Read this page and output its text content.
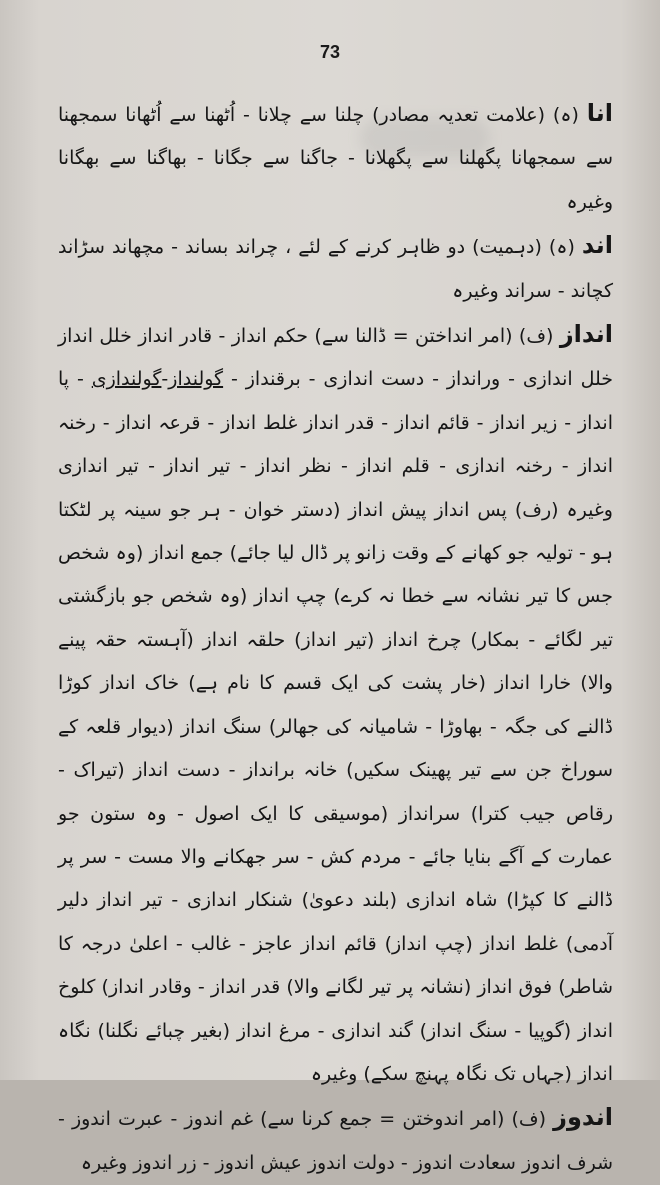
73

انا (ہ) (علامت تعدیہ مصادر) چلنا سے چلانا - اُٹھنا سے اُٹھانا سمجھنا سے سمجھانا پگھلنا سے پگھلانا - جاگنا سے جگانا - بھاگنا سے بھگانا وغیرہ

اند (ہ) (دہمیت) دو ظاہر کرنے کے لئے ، چراند بساند - مچھاند سڑاند کچاند - سراند وغیرہ

انداز (ف) (امر انداختن = ڈالنا سے) حکم انداز - قادر انداز خلل انداز خلل اندازی - ورانداز - دست اندازی - برقنداز - گولنداز-گولندازی - پا انداز - زیر انداز - قائم انداز - قدر انداز غلط انداز - قرعہ انداز - رخنہ انداز - رخنہ اندازی - قلم انداز - نظر انداز - تیر انداز - تیر اندازی وغیرہ (رف) پس انداز پیش انداز (دستر خوان - ہر جو سینہ پر لٹکتا ہو - تولیہ جو کھانے کے وقت زانو پر ڈال لیا جائے) جمع انداز (وہ شخص جس کا تیر نشانہ سے خطا نہ کرے) چپ انداز (وہ شخص جو بازگشتی تیر لگائے - بمکار) چرخ انداز (تیر انداز) حلقہ انداز (آہستہ حقہ پینے والا) خارا انداز (خار پشت کی ایک قسم کا نام ہے) خاک انداز کوڑا ڈالنے کی جگہ - بھاوڑا - شامیانہ کی جھالر) سنگ انداز (دیوار قلعہ کے سوراخ جن سے تیر پھینک سکیں) خانہ برانداز - دست انداز (تیراک - رقاص جیب کترا) سرانداز (موسیقی کا ایک اصول - وہ ستون جو عمارت کے آگے بنایا جائے - مردم کش - سر جھکانے والا مست - سر پر ڈالنے کا کپڑا) شاہ اندازی (بلند دعویٰ) شنکار اندازی - تیر انداز دلیر آدمی) غلط انداز (چپ انداز) قائم انداز عاجز - غالب - اعلیٰ درجہ کا شاطر) فوق انداز (نشانہ پر تیر لگانے والا) قدر انداز - وقادر انداز) کلوخ انداز (گوپیا - سنگ انداز) گند اندازی - مرغ انداز (بغیر چبائے نگلنا) نگاہ انداز (جہاں تک نگاہ پہنچ سکے) وغیرہ

اندوز (ف) (امر اندوختن = جمع کرنا سے) غم اندوز - عبرت اندوز - شرف اندوز سعادت اندوز - دولت اندوز عیش اندوز - زر اندوز وغیرہ
